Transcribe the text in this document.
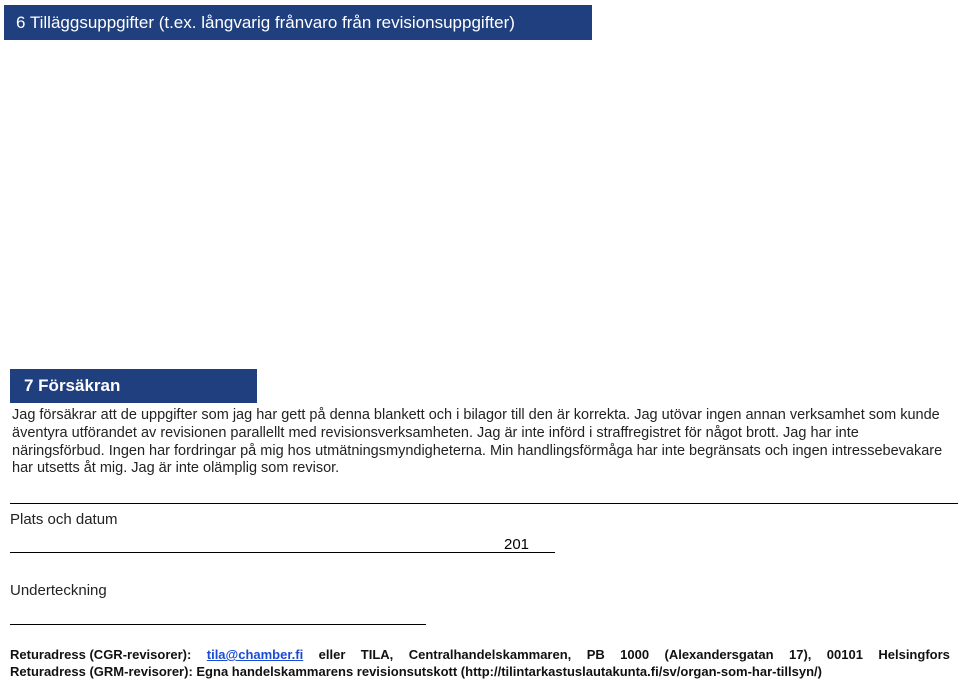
6 Tilläggsuppgifter (t.ex. långvarig frånvaro från revisionsuppgifter)
7 Försäkran
Jag försäkrar att de uppgifter som jag har gett på denna blankett och i bilagor till den är korrekta. Jag utövar ingen annan verksamhet som kunde äventyra utförandet av revisionen parallellt med revisionsverksamheten. Jag är inte införd i straffregistret för något brott. Jag har inte näringsförbud. Ingen har fordringar på mig hos utmätningsmyndigheterna. Min handlingsförmåga har inte begränsats och ingen intressebevakare har utsetts åt mig. Jag är inte olämplig som revisor.
Plats och datum
201
Underteckning
Returadress (CGR-revisorer): tila@chamber.fi eller TILA, Centralhandelskammaren, PB 1000 (Alexandersgatan 17), 00101 Helsingfors
Returadress (GRM-revisorer): Egna handelskammarens revisionsutskott (http://tilintarkastuslautakunta.fi/sv/organ-som-har-tillsyn/)
